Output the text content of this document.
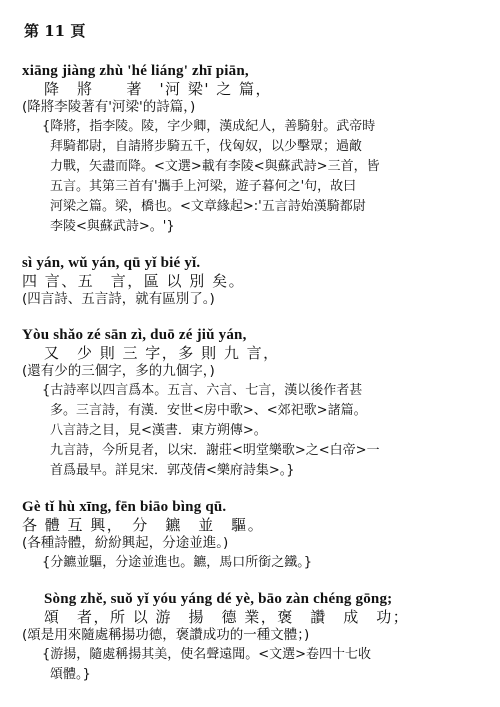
第 11 頁
xiāng jiàng zhù 'hé liáng' zhī piān,
降　將　　著　'河 梁' 之 篇，
(降將李陵著有'河梁'的詩篇，)
{降將，指李陵。陵，字少卿，漢成紀人，善騎射。武帝時
拜騎都尉，自請將步騎五千，伐匈奴，以少擊眾；過敵
力戰，矢盡而降。<文選>載有李陵<與蘇武詩>三首，皆
五言。其第三首有'攜手上河梁，遊子暮何之'句，故曰
河梁之篇。梁，橋也。<文章緣起>:'五言詩始漢騎都尉
李陵<與蘇武詩>。'}
sì yán, wǔ yán, qū yǐ bié yǐ.
四 言、五　言，區 以 別 矣。
(四言詩、五言詩，就有區別了。)
Yòu shǎo zé sān zì, duō zé jiǔ yán,
又　少 則 三 字，多 則 九 言，
(還有少的三個字，多的九個字，)
{古詩率以四言爲本。五言、六言、七言，漢以後作者甚
多。三言詩，有漢．安世<房中歌>、<郊祀歌>諸篇。
八言詩之目，見<漢書．東方朔傳>。
九言詩，今所見者，以宋．謝莊<明堂樂歌>之<白帝>一
首爲最早。詳見宋．郭茂倩<樂府詩集>。}
Gè tǐ hù xīng, fēn biāo bìng qū.
各 體 互 興，　分　鑣　並　驅。
(各種詩體，紛紛興起，分途並進。)
{分鑣並驅，分途並進也。鑣，馬口所銜之鐵。}
Sòng zhě, suǒ yǐ yóu yáng dé yè, bāo zàn chéng gōng;
頌　者，所 以 游　揚　德 業，褒　讚　成　功；
(頌是用來隨處稱揚功德，褒讚成功的一種文體；)
{游揚，隨處稱揚其美，使名聲遠聞。<文選>卷四十七收
頌體。}
